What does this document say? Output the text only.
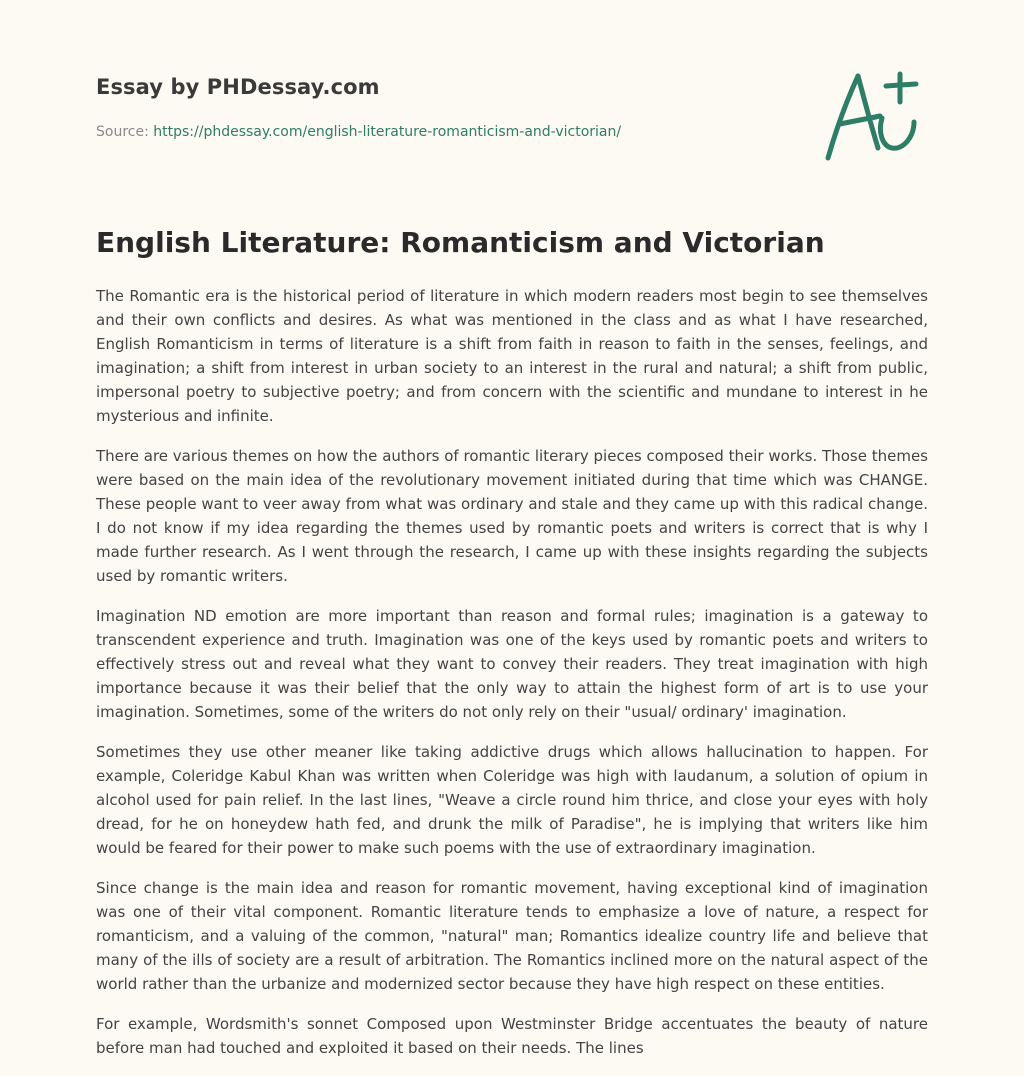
Essay by PHDessay.com
Source: https://phdessay.com/english-literature-romanticism-and-victorian/
English Literature: Romanticism and Victorian

The Romantic era is the historical period of literature in which modern readers most begin to see themselves and their own conflicts and desires. As what was mentioned in the class and as what I have researched, English Romanticism in terms of literature is a shift from faith in reason to faith in the senses, feelings, and imagination; a shift from interest in urban society to an interest in the rural and natural; a shift from public, impersonal poetry to subjective poetry; and from concern with the scientific and mundane to interest in he mysterious and infinite.

There are various themes on how the authors of romantic literary pieces composed their works. Those themes were based on the main idea of the revolutionary movement initiated during that time which was CHANGE. These people want to veer away from what was ordinary and stale and they came up with this radical change. I do not know if my idea regarding the themes used by romantic poets and writers is correct that is why I made further research. As I went through the research, I came up with these insights regarding the subjects used by romantic writers.

Imagination ND emotion are more important than reason and formal rules; imagination is a gateway to transcendent experience and truth. Imagination was one of the keys used by romantic poets and writers to effectively stress out and reveal what they want to convey their readers. They treat imagination with high importance because it was their belief that the only way to attain the highest form of art is to use your imagination. Sometimes, some of the writers do not only rely on their "usual/ ordinary' imagination.

Sometimes they use other meaner like taking addictive drugs which allows hallucination to happen. For example, Coleridge Kabul Khan was written when Coleridge was high with laudanum, a solution of opium in alcohol used for pain relief. In the last lines, "Weave a circle round him thrice, and close your eyes with holy dread, for he on honeydew hath fed, and drunk the milk of Paradise", he is implying that writers like him would be feared for their power to make such poems with the use of extraordinary imagination.

Since change is the main idea and reason for romantic movement, having exceptional kind of imagination was one of their vital component. Romantic literature tends to emphasize a love of nature, a respect for romanticism, and a valuing of the common, "natural" man; Romantics idealize country life and believe that many of the ills of society are a result of arbitration. The Romantics inclined more on the natural aspect of the world rather than the urbanize and modernized sector because they have high respect on these entities.

For example, Wordsmith's sonnet Composed upon Westminster Bridge accentuates the beauty of nature before man had touched and exploited it based on their needs. The lines
